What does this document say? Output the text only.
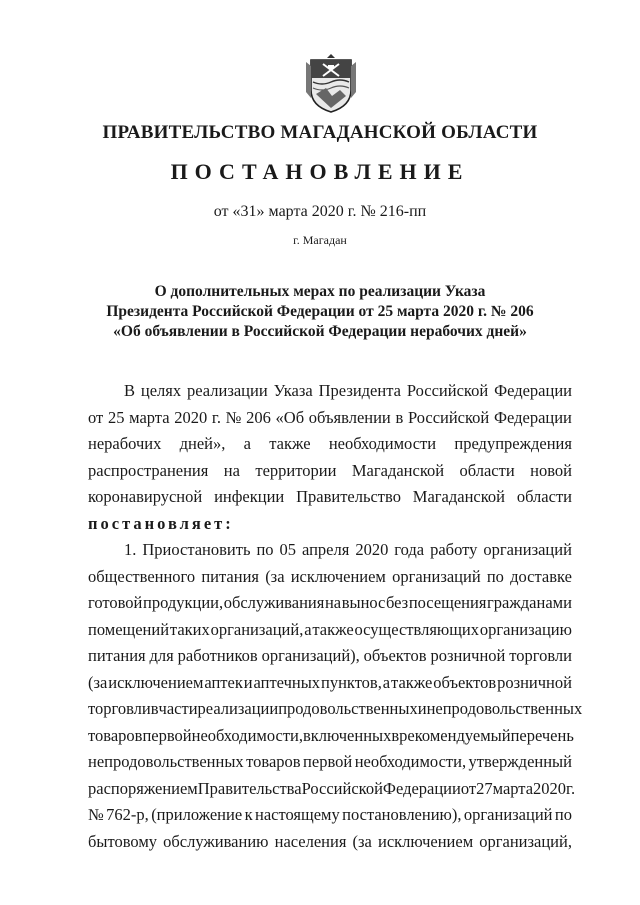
ПРАВИТЕЛЬСТВО МАГАДАНСКОЙ ОБЛАСТИ
ПОСТАНОВЛЕНИЕ
от «31» марта 2020 г. № 216-пп
г. Магадан
О дополнительных мерах по реализации Указа
Президента Российской Федерации от 25 марта 2020 г. № 206
«Об объявлении в Российской Федерации нерабочих дней»
В целях реализации Указа Президента Российской Федерации
от 25 марта 2020 г. № 206 «Об объявлении в Российской Федерации
нерабочих дней», а также необходимости предупреждения
распространения на территории Магаданской области новой
коронавирусной инфекции Правительство Магаданской области
постановляет:
1. Приостановить по 05 апреля 2020 года работу организаций
общественного питания (за исключением организаций по доставке
готовой продукции, обслуживания на вынос без посещения гражданами
помещений таких организаций, а также осуществляющих организацию
питания для работников организаций), объектов розничной торговли
(за исключением аптек и аптечных пунктов, а также объектов розничной
торговли в части реализации продовольственных и непродовольственных
товаров первой необходимости, включенных в рекомендуемый перечень
непродовольственных товаров первой необходимости, утвержденный
распоряжением Правительства Российской Федерации от 27 марта 2020 г.
№ 762-р, (приложение к настоящему постановлению), организаций по
бытовому обслуживанию населения (за исключением организаций,
